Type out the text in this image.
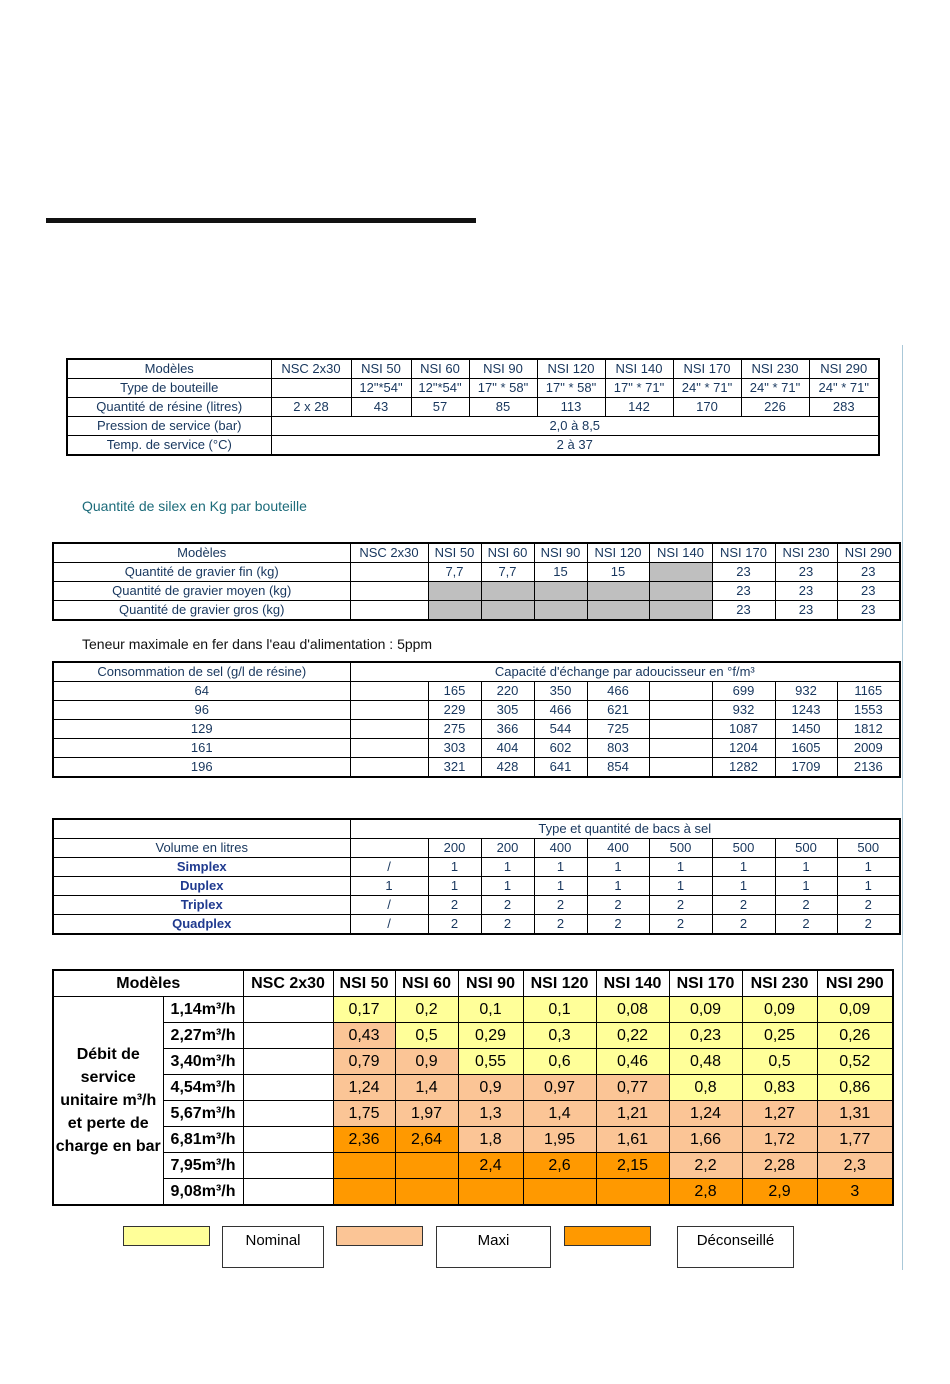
Modèles	NSC 2x30	NSI 50	NSI 60	NSI 90	NSI 120	NSI 140	NSI 170	NSI 230	NSI 290
Type de bouteille		12"*54"	12"*54"	17" * 58"	17" * 58"	17" * 71"	24" * 71"	24" * 71"	24" * 71"
Quantité de résine (litres)	2 x 28	43	57	85	113	142	170	226	283
Pression de service (bar)	2,0 à 8,5								
Temp. de service (°C)	2 à 37								
Quantité de silex en Kg par bouteille
Modèles	NSC 2x30	NSI 50	NSI 60	NSI 90	NSI 120	NSI 140	NSI 170	NSI 230	NSI 290
Quantité de gravier fin (kg)		7,7	7,7	15	15		23	23	23
Quantité de gravier moyen (kg)							23	23	23
Quantité de gravier gros (kg)							23	23	23
Teneur maximale en fer dans l'eau d'alimentation : 5ppm
Consommation de sel (g/l de résine)	Capacité d'échange par adoucisseur en °f/m³								
64		165	220	350	466		699	932	1165
96		229	305	466	621		932	1243	1553
129		275	366	544	725		1087	1450	1812
161		303	404	602	803		1204	1605	2009
196		321	428	641	854		1282	1709	2136
	Type et quantité de bacs à sel								
Volume en litres		200	200	400	400	500	500	500	500
Simplex	/	1	1	1	1	1	1	1	1
Duplex	1	1	1	1	1	1	1	1	1
Triplex	/	2	2	2	2	2	2	2	2
Quadplex	/	2	2	2	2	2	2	2	2
Modèles		NSC 2x30	NSI 50	NSI 60	NSI 90	NSI 120	NSI 140	NSI 170	NSI 230	NSI 290
Débit de service unitaire m³/h et perte de charge en bar	1,14m³/h		0,17	0,2	0,1	0,1	0,08	0,09	0,09	0,09
	2,27m³/h		0,43	0,5	0,29	0,3	0,22	0,23	0,25	0,26
	3,40m³/h		0,79	0,9	0,55	0,6	0,46	0,48	0,5	0,52
	4,54m³/h		1,24	1,4	0,9	0,97	0,77	0,8	0,83	0,86
	5,67m³/h		1,75	1,97	1,3	1,4	1,21	1,24	1,27	1,31
	6,81m³/h		2,36	2,64	1,8	1,95	1,61	1,66	1,72	1,77
	7,95m³/h				2,4	2,6	2,15	2,2	2,28	2,3
	9,08m³/h							2,8	2,9	3
Nominal	Maxi	Déconseillé
